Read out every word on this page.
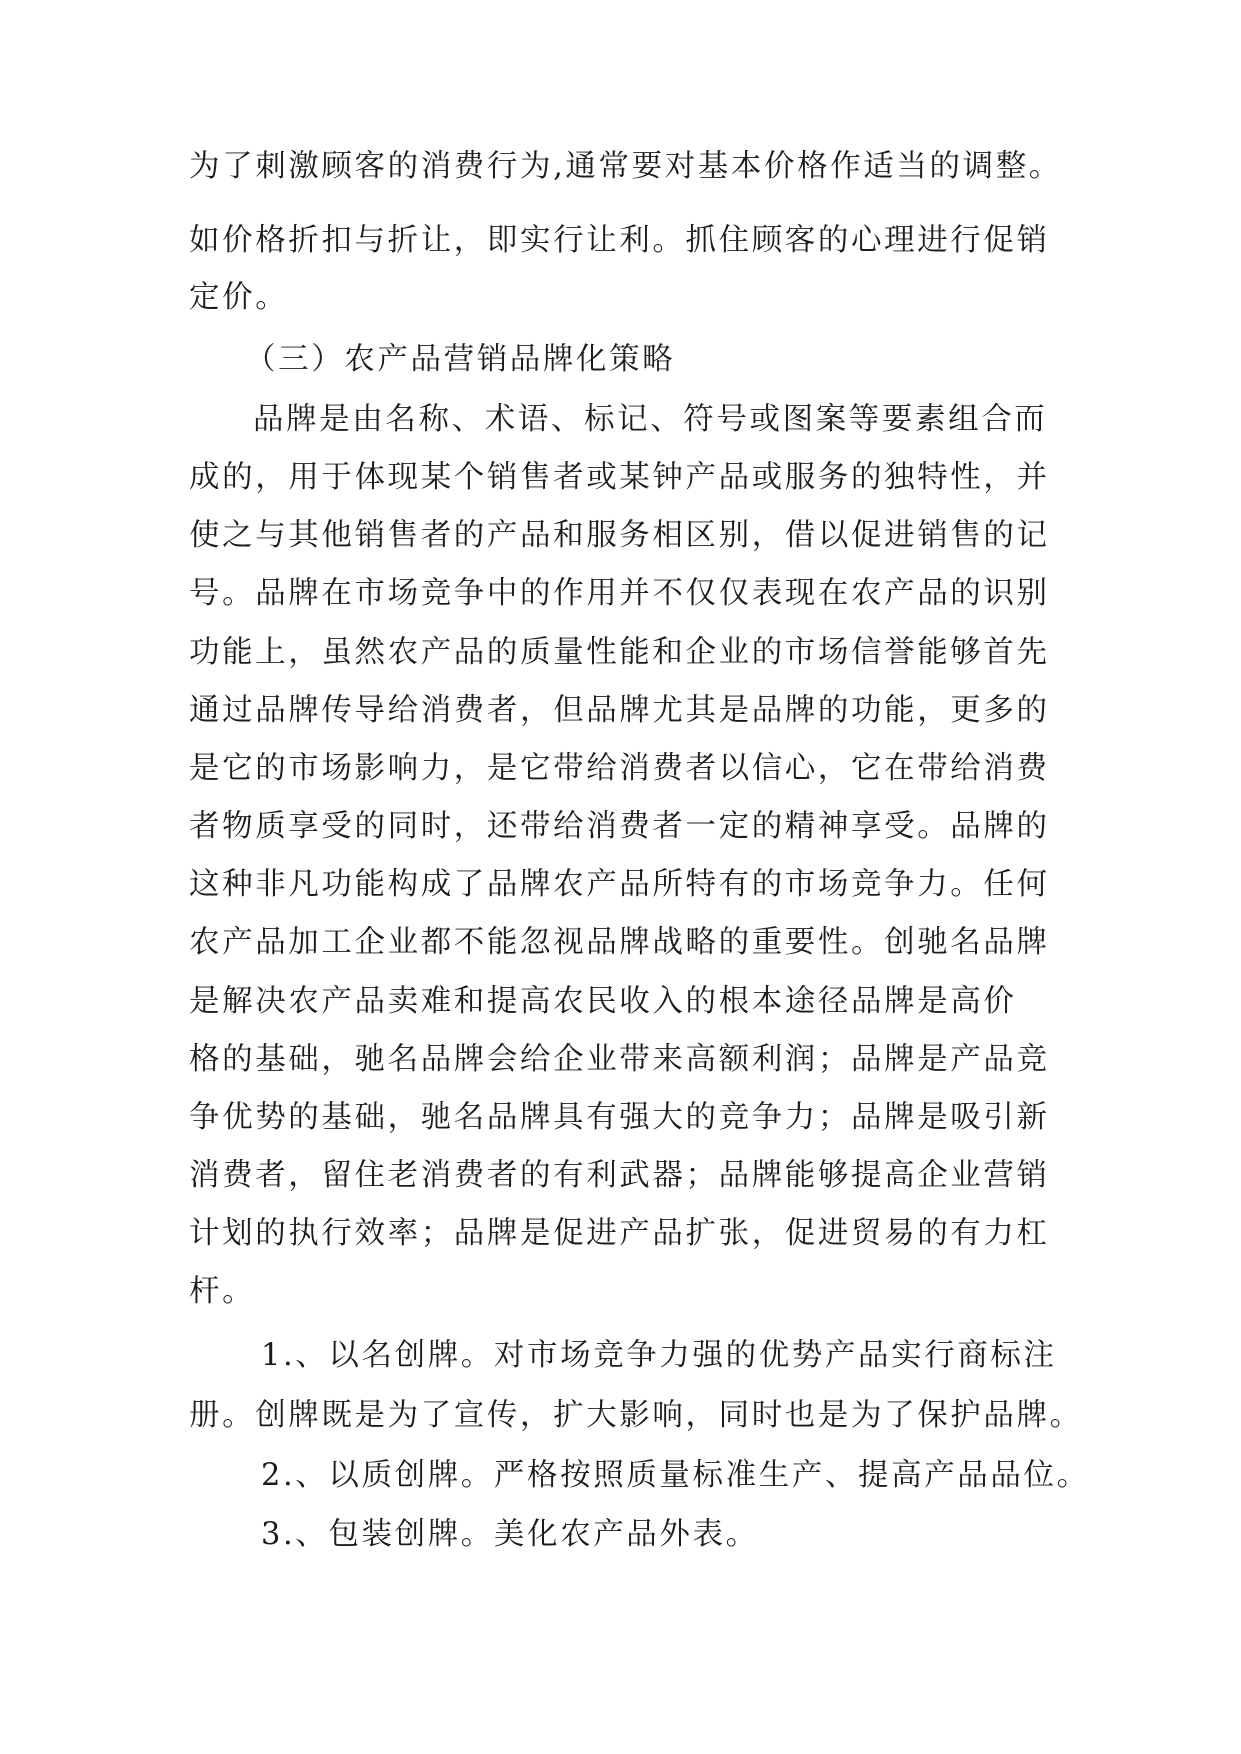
为了刺激顾客的消费行为,通常要对基本价格作适当的调整。
如价格折扣与折让，即实行让利。抓住顾客的心理进行促销
定价。
（三）农产品营销品牌化策略
品牌是由名称、术语、标记、符号或图案等要素组合而
成的，用于体现某个销售者或某钟产品或服务的独特性，并
使之与其他销售者的产品和服务相区别，借以促进销售的记
号。品牌在市场竞争中的作用并不仅仅表现在农产品的识别
功能上，虽然农产品的质量性能和企业的市场信誉能够首先
通过品牌传导给消费者，但品牌尤其是品牌的功能，更多的
是它的市场影响力，是它带给消费者以信心，它在带给消费
者物质享受的同时，还带给消费者一定的精神享受。品牌的
这种非凡功能构成了品牌农产品所特有的市场竞争力。任何
农产品加工企业都不能忽视品牌战略的重要性。创驰名品牌
是解决农产品卖难和提高农民收入的根本途径品牌是高价
格的基础，驰名品牌会给企业带来高额利润；品牌是产品竞
争优势的基础，驰名品牌具有强大的竞争力；品牌是吸引新
消费者，留住老消费者的有利武器；品牌能够提高企业营销
计划的执行效率；品牌是促进产品扩张，促进贸易的有力杠
杆。
1.、以名创牌。对市场竞争力强的优势产品实行商标注
册。创牌既是为了宣传，扩大影响，同时也是为了保护品牌。
2.、以质创牌。严格按照质量标准生产、提高产品品位。
3.、包装创牌。美化农产品外表。
